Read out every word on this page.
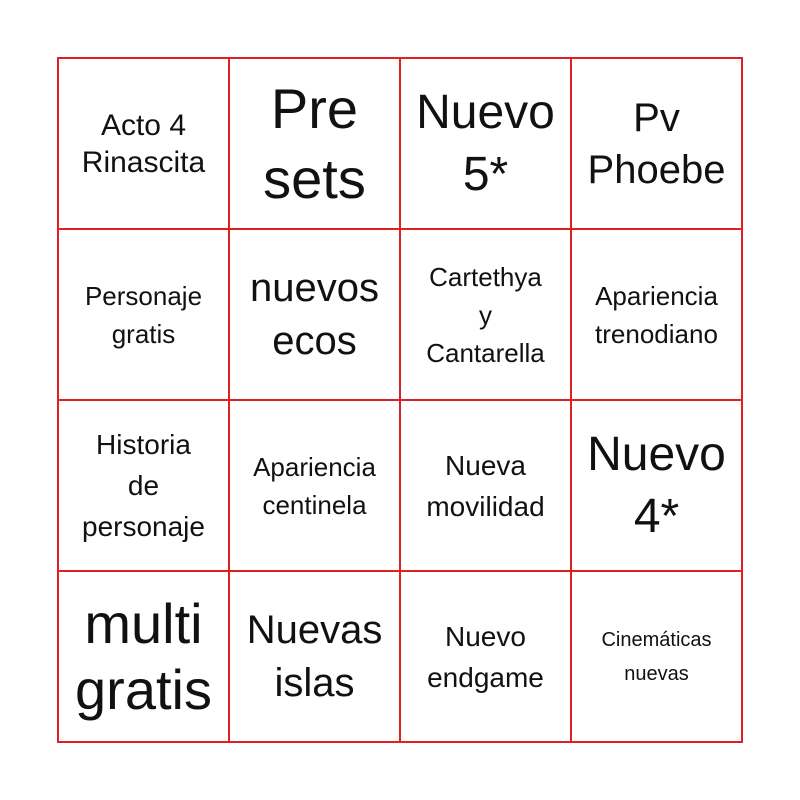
Acto 4
Rinascita
Pre
sets
Nuevo
5*
Pv
Phoebe
Personaje
gratis
nuevos
ecos
Cartethya
y
Cantarella
Apariencia
trenodiano
Historia
de
personaje
Apariencia
centinela
Nueva
movilidad
Nuevo
4*
multi
gratis
Nuevas
islas
Nuevo
endgame
Cinemáticas
nuevas
